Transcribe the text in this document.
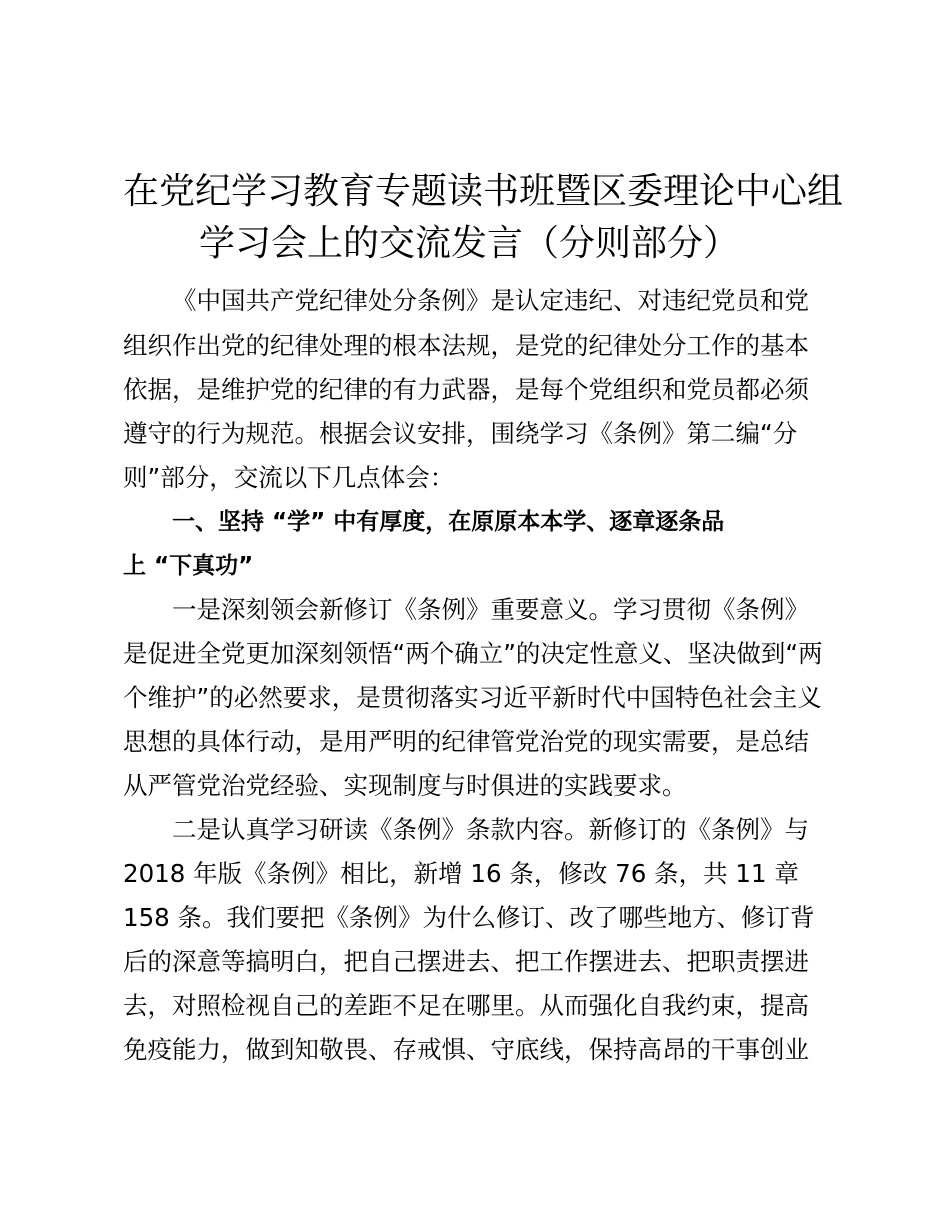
在党纪学习教育专题读书班暨区委理论中心组
学习会上的交流发言（分则部分）
《中国共产党纪律处分条例》是认定违纪、对违纪党员和党
组织作出党的纪律处理的根本法规，是党的纪律处分工作的基本
依据，是维护党的纪律的有力武器，是每个党组织和党员都必须
遵守的行为规范。根据会议安排，围绕学习《条例》第二编“分
则”部分，交流以下几点体会：
一、坚持 “学” 中有厚度，在原原本本学、逐章逐条品
上 “下真功”
一是深刻领会新修订《条例》重要意义。学习贯彻《条例》
是促进全党更加深刻领悟“两个确立”的决定性意义、坚决做到“两
个维护”的必然要求，是贯彻落实习近平新时代中国特色社会主义
思想的具体行动，是用严明的纪律管党治党的现实需要，是总结
从严管党治党经验、实现制度与时俱进的实践要求。
二是认真学习研读《条例》条款内容。新修订的《条例》与
2018 年版《条例》相比，新增 16 条，修改 76 条，共 11 章
158 条。我们要把《条例》为什么修订、改了哪些地方、修订背
后的深意等搞明白，把自己摆进去、把工作摆进去、把职责摆进
去，对照检视自己的差距不足在哪里。从而强化自我约束，提高
免疫能力，做到知敬畏、存戒惧、守底线，保持高昂的干事创业
